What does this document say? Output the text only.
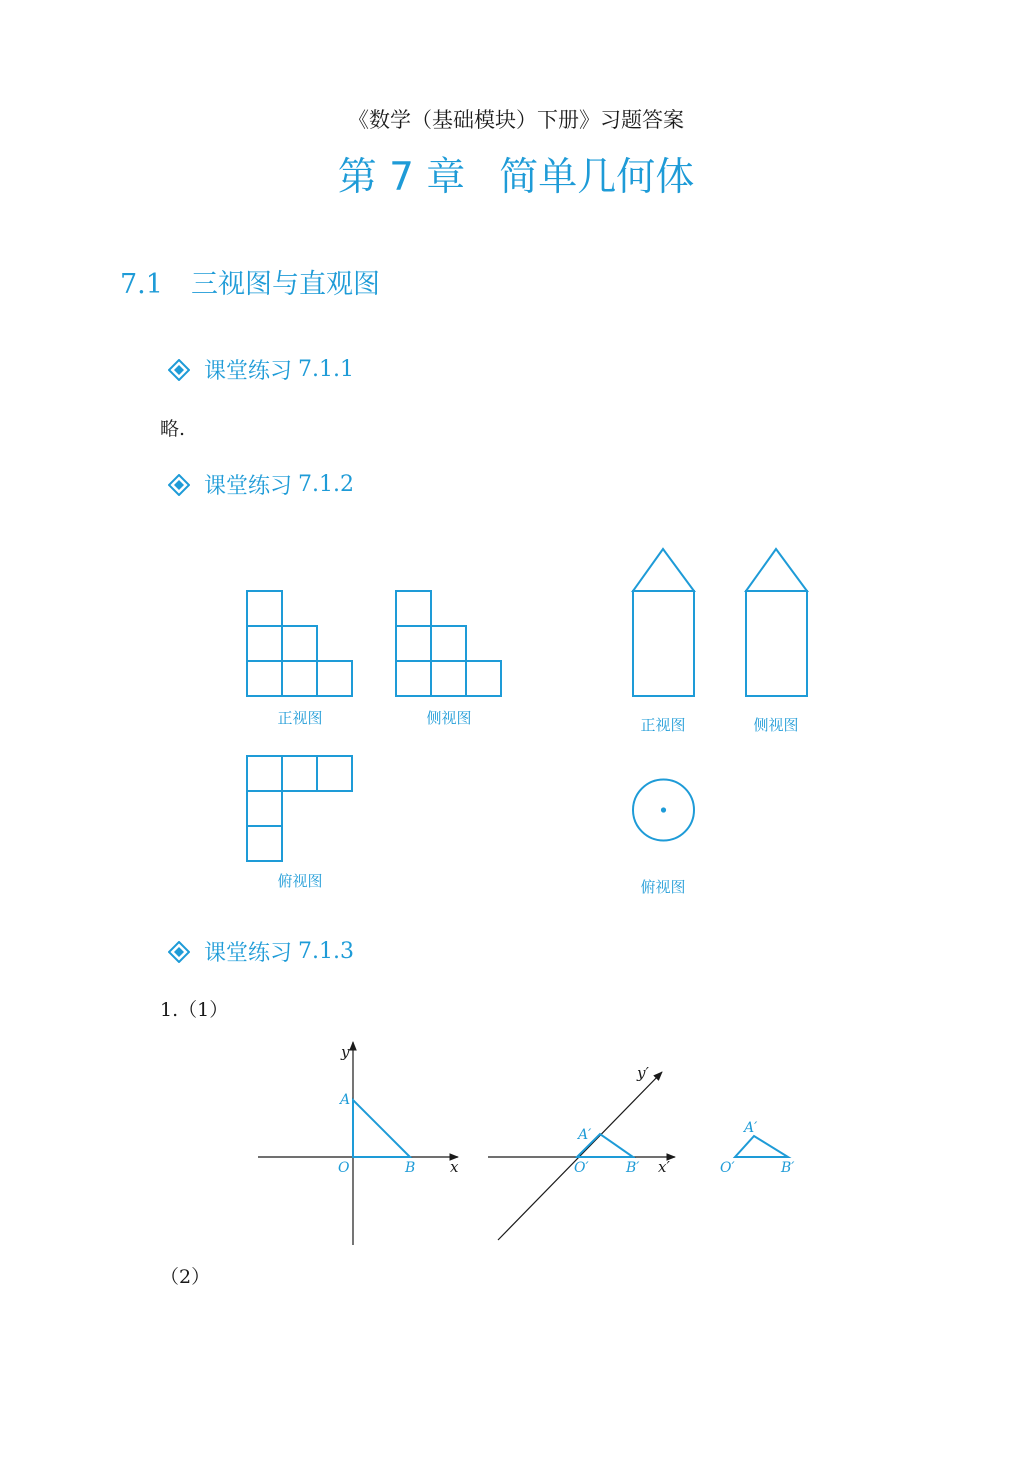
《数学（基础模块）下册》习题答案
第 7 章 简单几何体
7.1 三视图与直观图
课堂练习 7.1.1
略.
课堂练习 7.1.2
正视图	侧视图
俯视图
正视图	侧视图
俯视图
课堂练习 7.1.3
1.（1）
y
x
A
O	B
y′
x′
A′
O′	B′
A′
O′	B′
（2）
